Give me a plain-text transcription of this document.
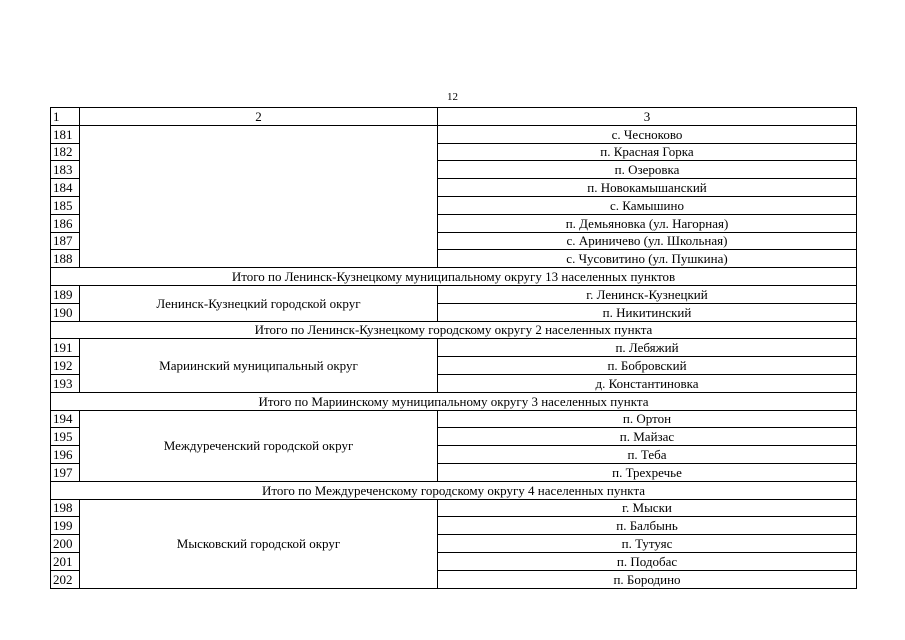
12
1	2	3
181		с. Чесноково
182		п. Красная Горка
183		п. Озеровка
184		п. Новокамышанский
185		с. Камышино
186		п. Демьяновка (ул. Нагорная)
187		с. Ариничево (ул. Школьная)
188		с. Чусовитино (ул. Пушкина)
Итого по Ленинск-Кузнецкому муниципальному округу 13 населенных пунктов		
189	Ленинск-Кузнецкий городской округ	г. Ленинск-Кузнецкий
190		п. Никитинский
Итого по Ленинск-Кузнецкому городскому округу 2 населенных пункта		
191	Мариинский муниципальный округ	п. Лебяжий
192		п. Бобровский
193		д. Константиновка
Итого по Мариинскому муниципальному округу 3 населенных пункта		
194	Междуреченский городской округ	п. Ортон
195		п. Майзас
196		п. Теба
197		п. Трехречье
Итого по Междуреченскому городскому округу 4 населенных пункта		
198	Мысковский городской округ	г. Мыски
199		п. Балбынь
200		п. Тутуяс
201		п. Подобас
202		п. Бородино
